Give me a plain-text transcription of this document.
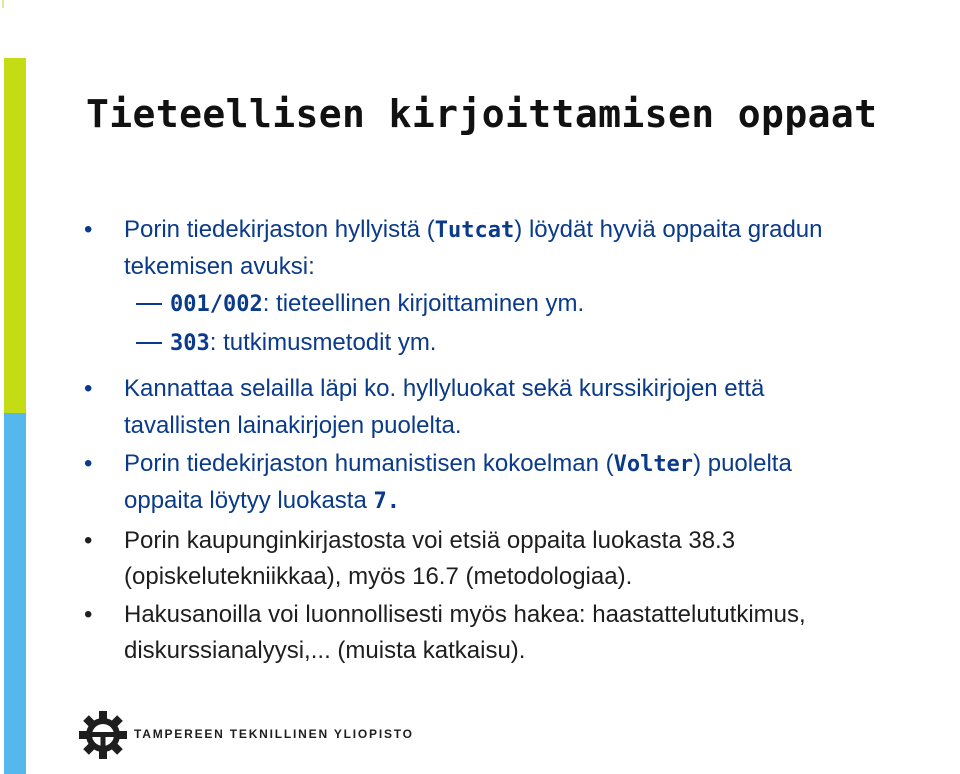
Tieteellisen kirjoittamisen oppaat
• Porin tiedekirjaston hyllyistä (Tutcat) löydät hyviä oppaita gradun
tekemisen avuksi:
001/002: tieteellinen kirjoittaminen ym.
303: tutkimusmetodit ym.
• Kannattaa selailla läpi ko. hyllyluokat sekä kurssikirjojen että
tavallisten lainakirjojen puolelta.
• Porin tiedekirjaston humanistisen kokoelman (Volter) puolelta
oppaita löytyy luokasta 7.
• Porin kaupunginkirjastosta voi etsiä oppaita luokasta 38.3
(opiskelutekniikkaa), myös 16.7 (metodologiaa).
• Hakusanoilla voi luonnollisesti myös hakea: haastattelututkimus,
diskurssianalyysi,... (muista katkaisu).
TAMPEREEN TEKNILLINEN YLIOPISTO
